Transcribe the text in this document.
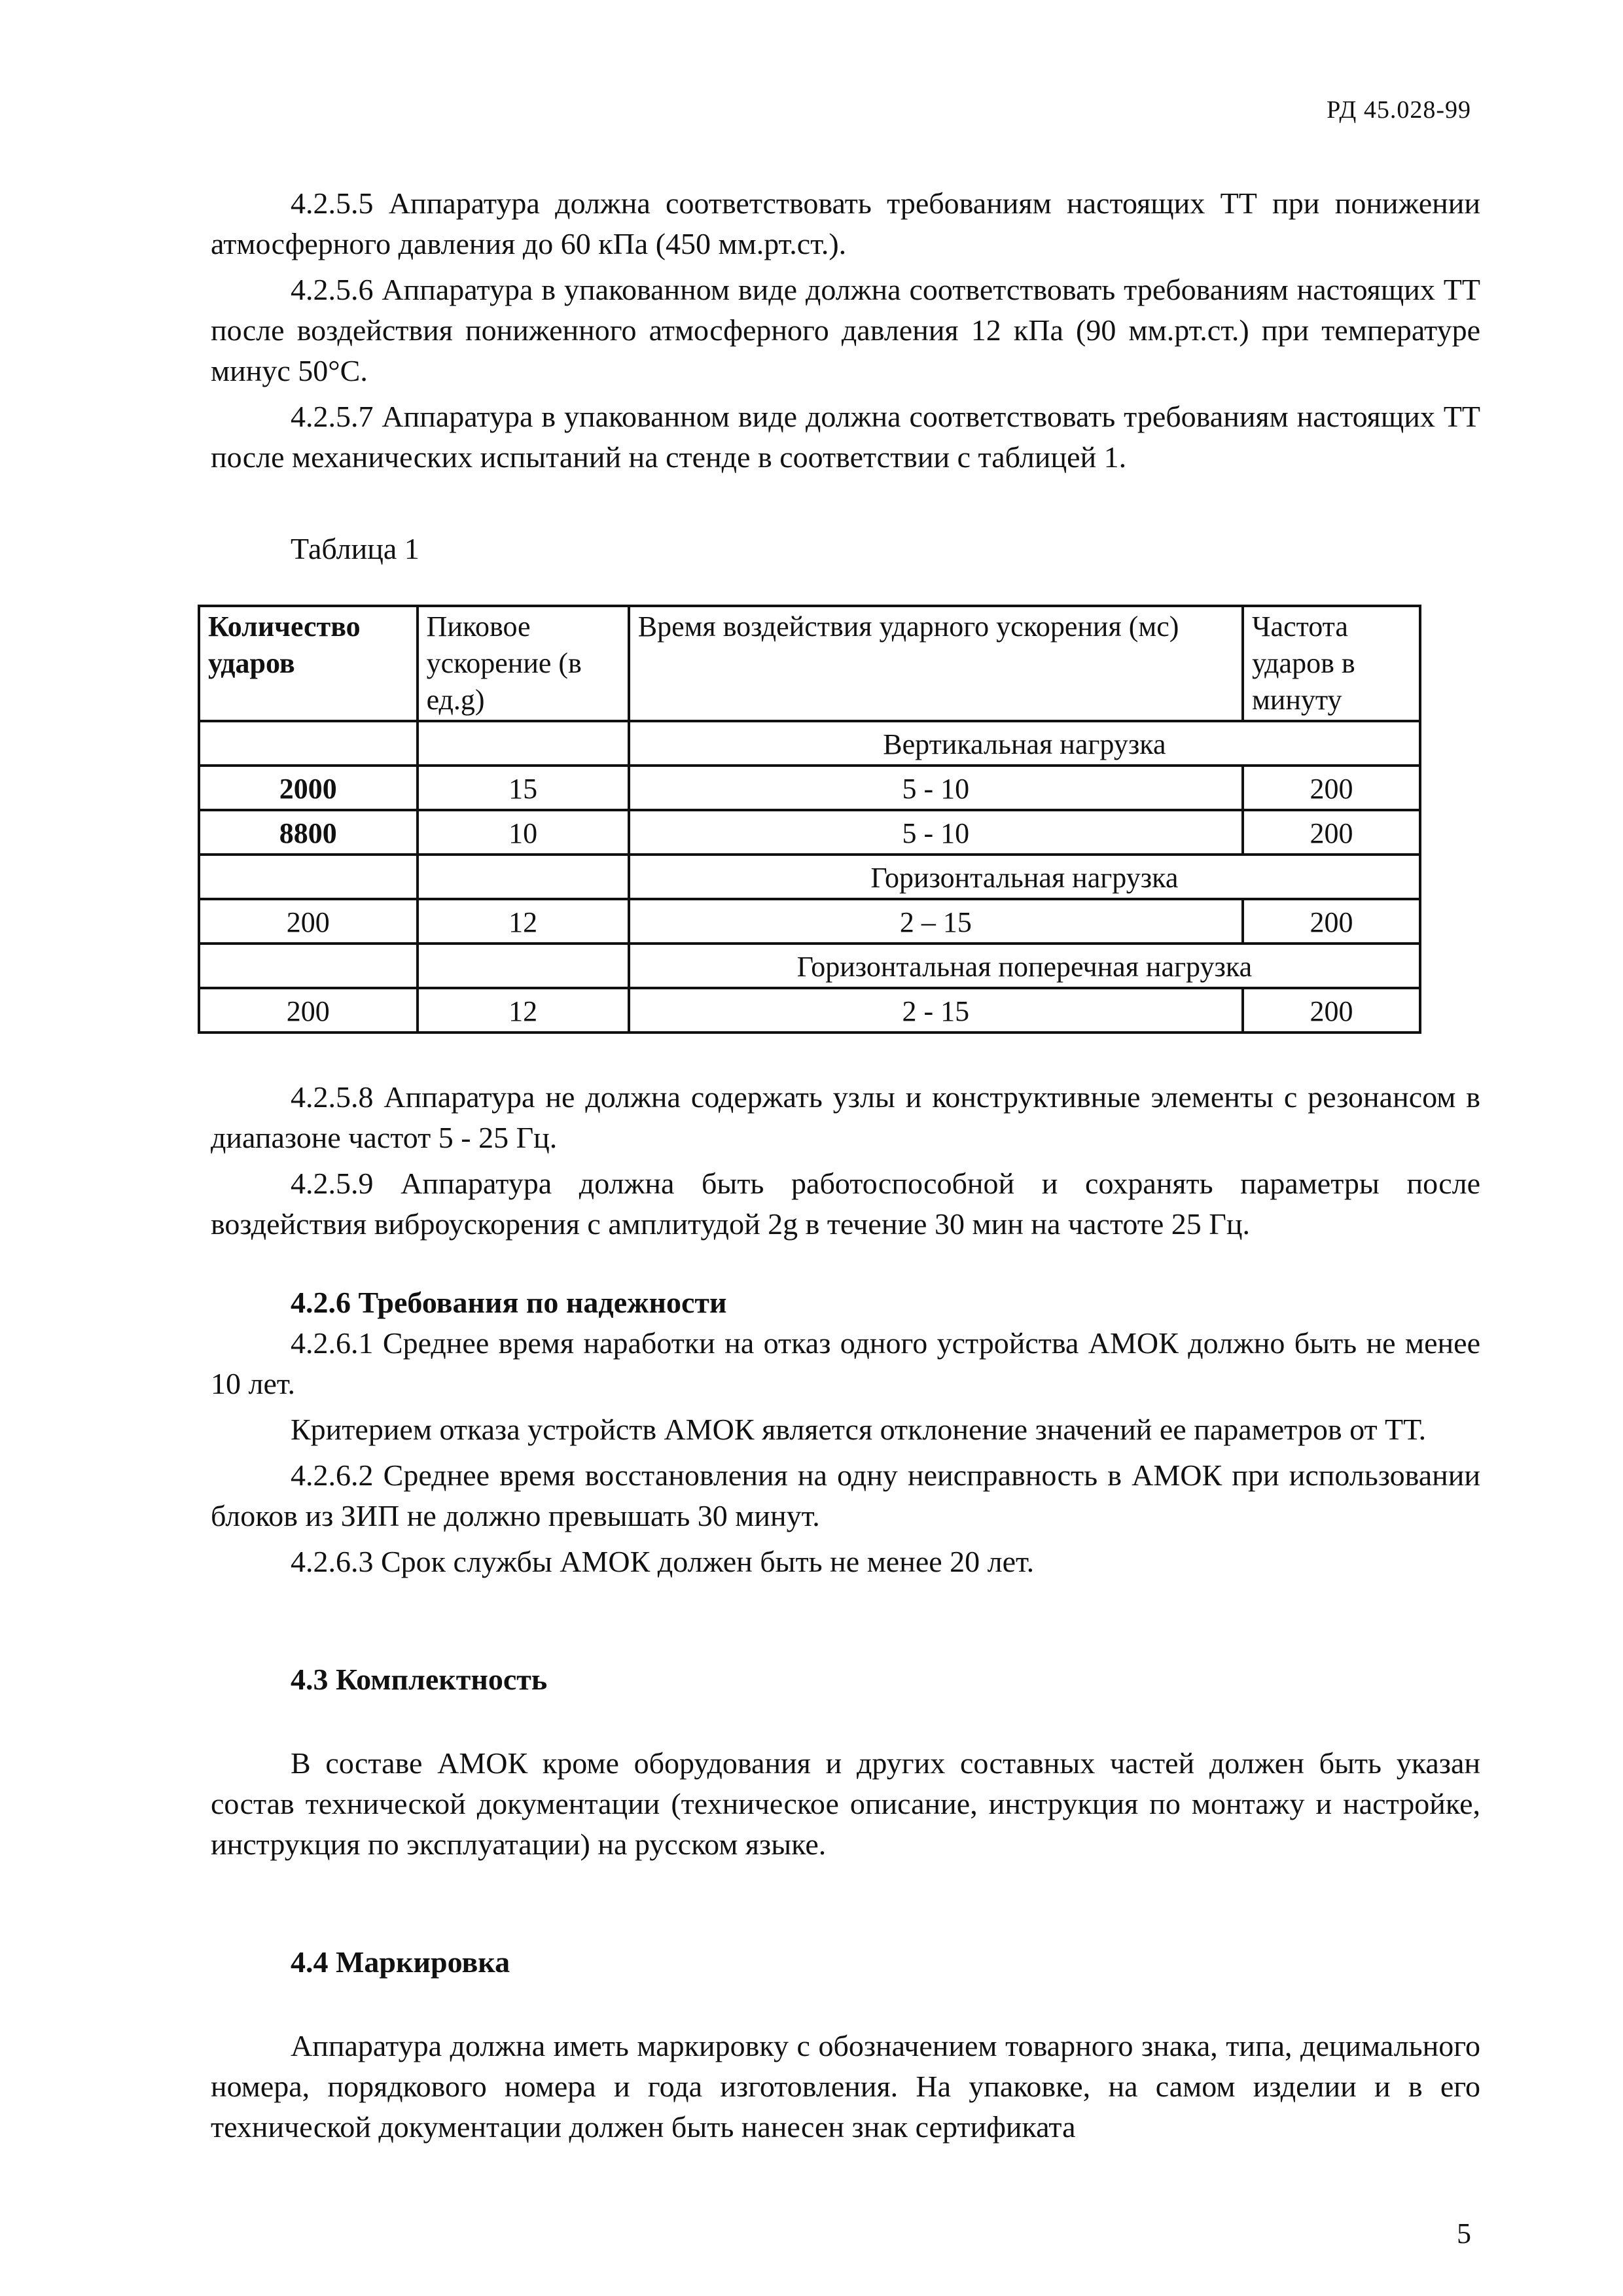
РД 45.028-99

4.2.5.5 Аппаратура должна соответствовать требованиям настоящих ТТ при понижении атмосферного давления до 60 кПа (450 мм.рт.ст.).

4.2.5.6 Аппаратура в упакованном виде должна соответствовать требованиям настоящих ТТ после воздействия пониженного атмосферного давления 12 кПа (90 мм.рт.ст.) при температуре минус 50°С.

4.2.5.7 Аппаратура в упакованном виде должна соответствовать требованиям настоящих ТТ после механических испытаний на стенде в соответствии с таблицей 1.

Таблица 1
Количество ударов	Пиковое ускорение (в ед.g)	Время воздействия ударного ускорения (мс)	Частота ударов в минуту
		Вертикальная нагрузка	
2000	15	5 - 10	200
8800	10	5 - 10	200
		Горизонтальная нагрузка	
200	12	2 – 15	200
		Горизонтальная поперечная нагрузка	
200	12	2 - 15	200

4.2.5.8 Аппаратура не должна содержать узлы и конструктивные элементы с резонансом в диапазоне частот 5 - 25 Гц.

4.2.5.9 Аппаратура должна быть работоспособной и сохранять параметры после воздействия виброускорения с амплитудой 2g в течение 30 мин на частоте 25 Гц.

4.2.6 Требования по надежности

4.2.6.1 Среднее время наработки на отказ одного устройства АМОК должно быть не менее 10 лет.

Критерием отказа устройств АМОК является отклонение значений ее параметров от ТТ.

4.2.6.2 Среднее время восстановления на одну неисправность в АМОК при использовании блоков из ЗИП не должно превышать 30 минут.

4.2.6.3 Срок службы АМОК должен быть не менее 20 лет.

4.3 Комплектность

В составе АМОК кроме оборудования и других составных частей должен быть указан состав технической документации (техническое описание, инструкция по монтажу и настройке, инструкция по эксплуатации) на русском языке.

4.4 Маркировка

Аппаратура должна иметь маркировку с обозначением товарного знака, типа, децимального номера, порядкового номера и года изготовления. На упаковке, на самом изделии и в его технической документации должен быть нанесен знак сертификата

5
